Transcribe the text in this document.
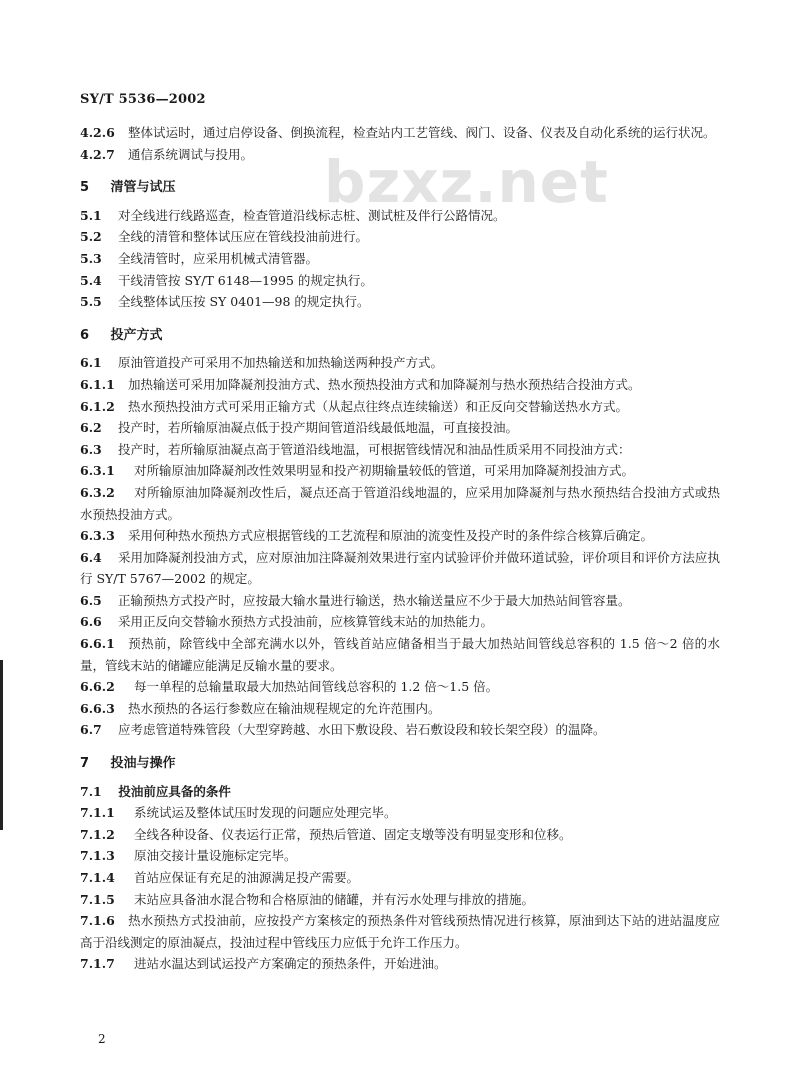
SY/T 5536—2002
bzxz.net

4.2.6 整体试运时，通过启停设备、倒换流程，检查站内工艺管线、阀门、设备、仪表及自动化系统的运行状况。

4.2.7 通信系统调试与投用。

5 清管与试压

5.1 对全线进行线路巡查，检查管道沿线标志桩、测试桩及伴行公路情况。

5.2 全线的清管和整体试压应在管线投油前进行。

5.3 全线清管时，应采用机械式清管器。

5.4 干线清管按 SY/T 6148—1995 的规定执行。

5.5 全线整体试压按 SY 0401—98 的规定执行。

6 投产方式

6.1 原油管道投产可采用不加热输送和加热输送两种投产方式。

6.1.1 加热输送可采用加降凝剂投油方式、热水预热投油方式和加降凝剂与热水预热结合投油方式。

6.1.2 热水预热投油方式可采用正输方式（从起点往终点连续输送）和正反向交替输送热水方式。

6.2 投产时，若所输原油凝点低于投产期间管道沿线最低地温，可直接投油。

6.3 投产时，若所输原油凝点高于管道沿线地温，可根据管线情况和油品性质采用不同投油方式：

6.3.1 对所输原油加降凝剂改性效果明显和投产初期输量较低的管道，可采用加降凝剂投油方式。

6.3.2 对所输原油加降凝剂改性后，凝点还高于管道沿线地温的，应采用加降凝剂与热水预热结合投油方式或热水预热投油方式。

6.3.3 采用何种热水预热方式应根据管线的工艺流程和原油的流变性及投产时的条件综合核算后确定。

6.4 采用加降凝剂投油方式，应对原油加注降凝剂效果进行室内试验评价并做环道试验，评价项目和评价方法应执行 SY/T 5767—2002 的规定。

6.5 正输预热方式投产时，应按最大输水量进行输送，热水输送量应不少于最大加热站间管容量。

6.6 采用正反向交替输水预热方式投油前，应核算管线末站的加热能力。

6.6.1 预热前，除管线中全部充满水以外，管线首站应储备相当于最大加热站间管线总容积的 1.5 倍～2 倍的水量，管线末站的储罐应能满足反输水量的要求。

6.6.2 每一单程的总输量取最大加热站间管线总容积的 1.2 倍～1.5 倍。

6.6.3 热水预热的各运行参数应在输油规程规定的允许范围内。

6.7 应考虑管道特殊管段（大型穿跨越、水田下敷设段、岩石敷设段和较长架空段）的温降。

7 投油与操作

7.1 投油前应具备的条件

7.1.1 系统试运及整体试压时发现的问题应处理完毕。

7.1.2 全线各种设备、仪表运行正常，预热后管道、固定支墩等没有明显变形和位移。

7.1.3 原油交接计量设施标定完毕。

7.1.4 首站应保证有充足的油源满足投产需要。

7.1.5 末站应具备油水混合物和合格原油的储罐，并有污水处理与排放的措施。

7.1.6 热水预热方式投油前，应按投产方案核定的预热条件对管线预热情况进行核算，原油到达下站的进站温度应高于沿线测定的原油凝点，投油过程中管线压力应低于允许工作压力。

7.1.7 进站水温达到试运投产方案确定的预热条件，开始进油。

2
